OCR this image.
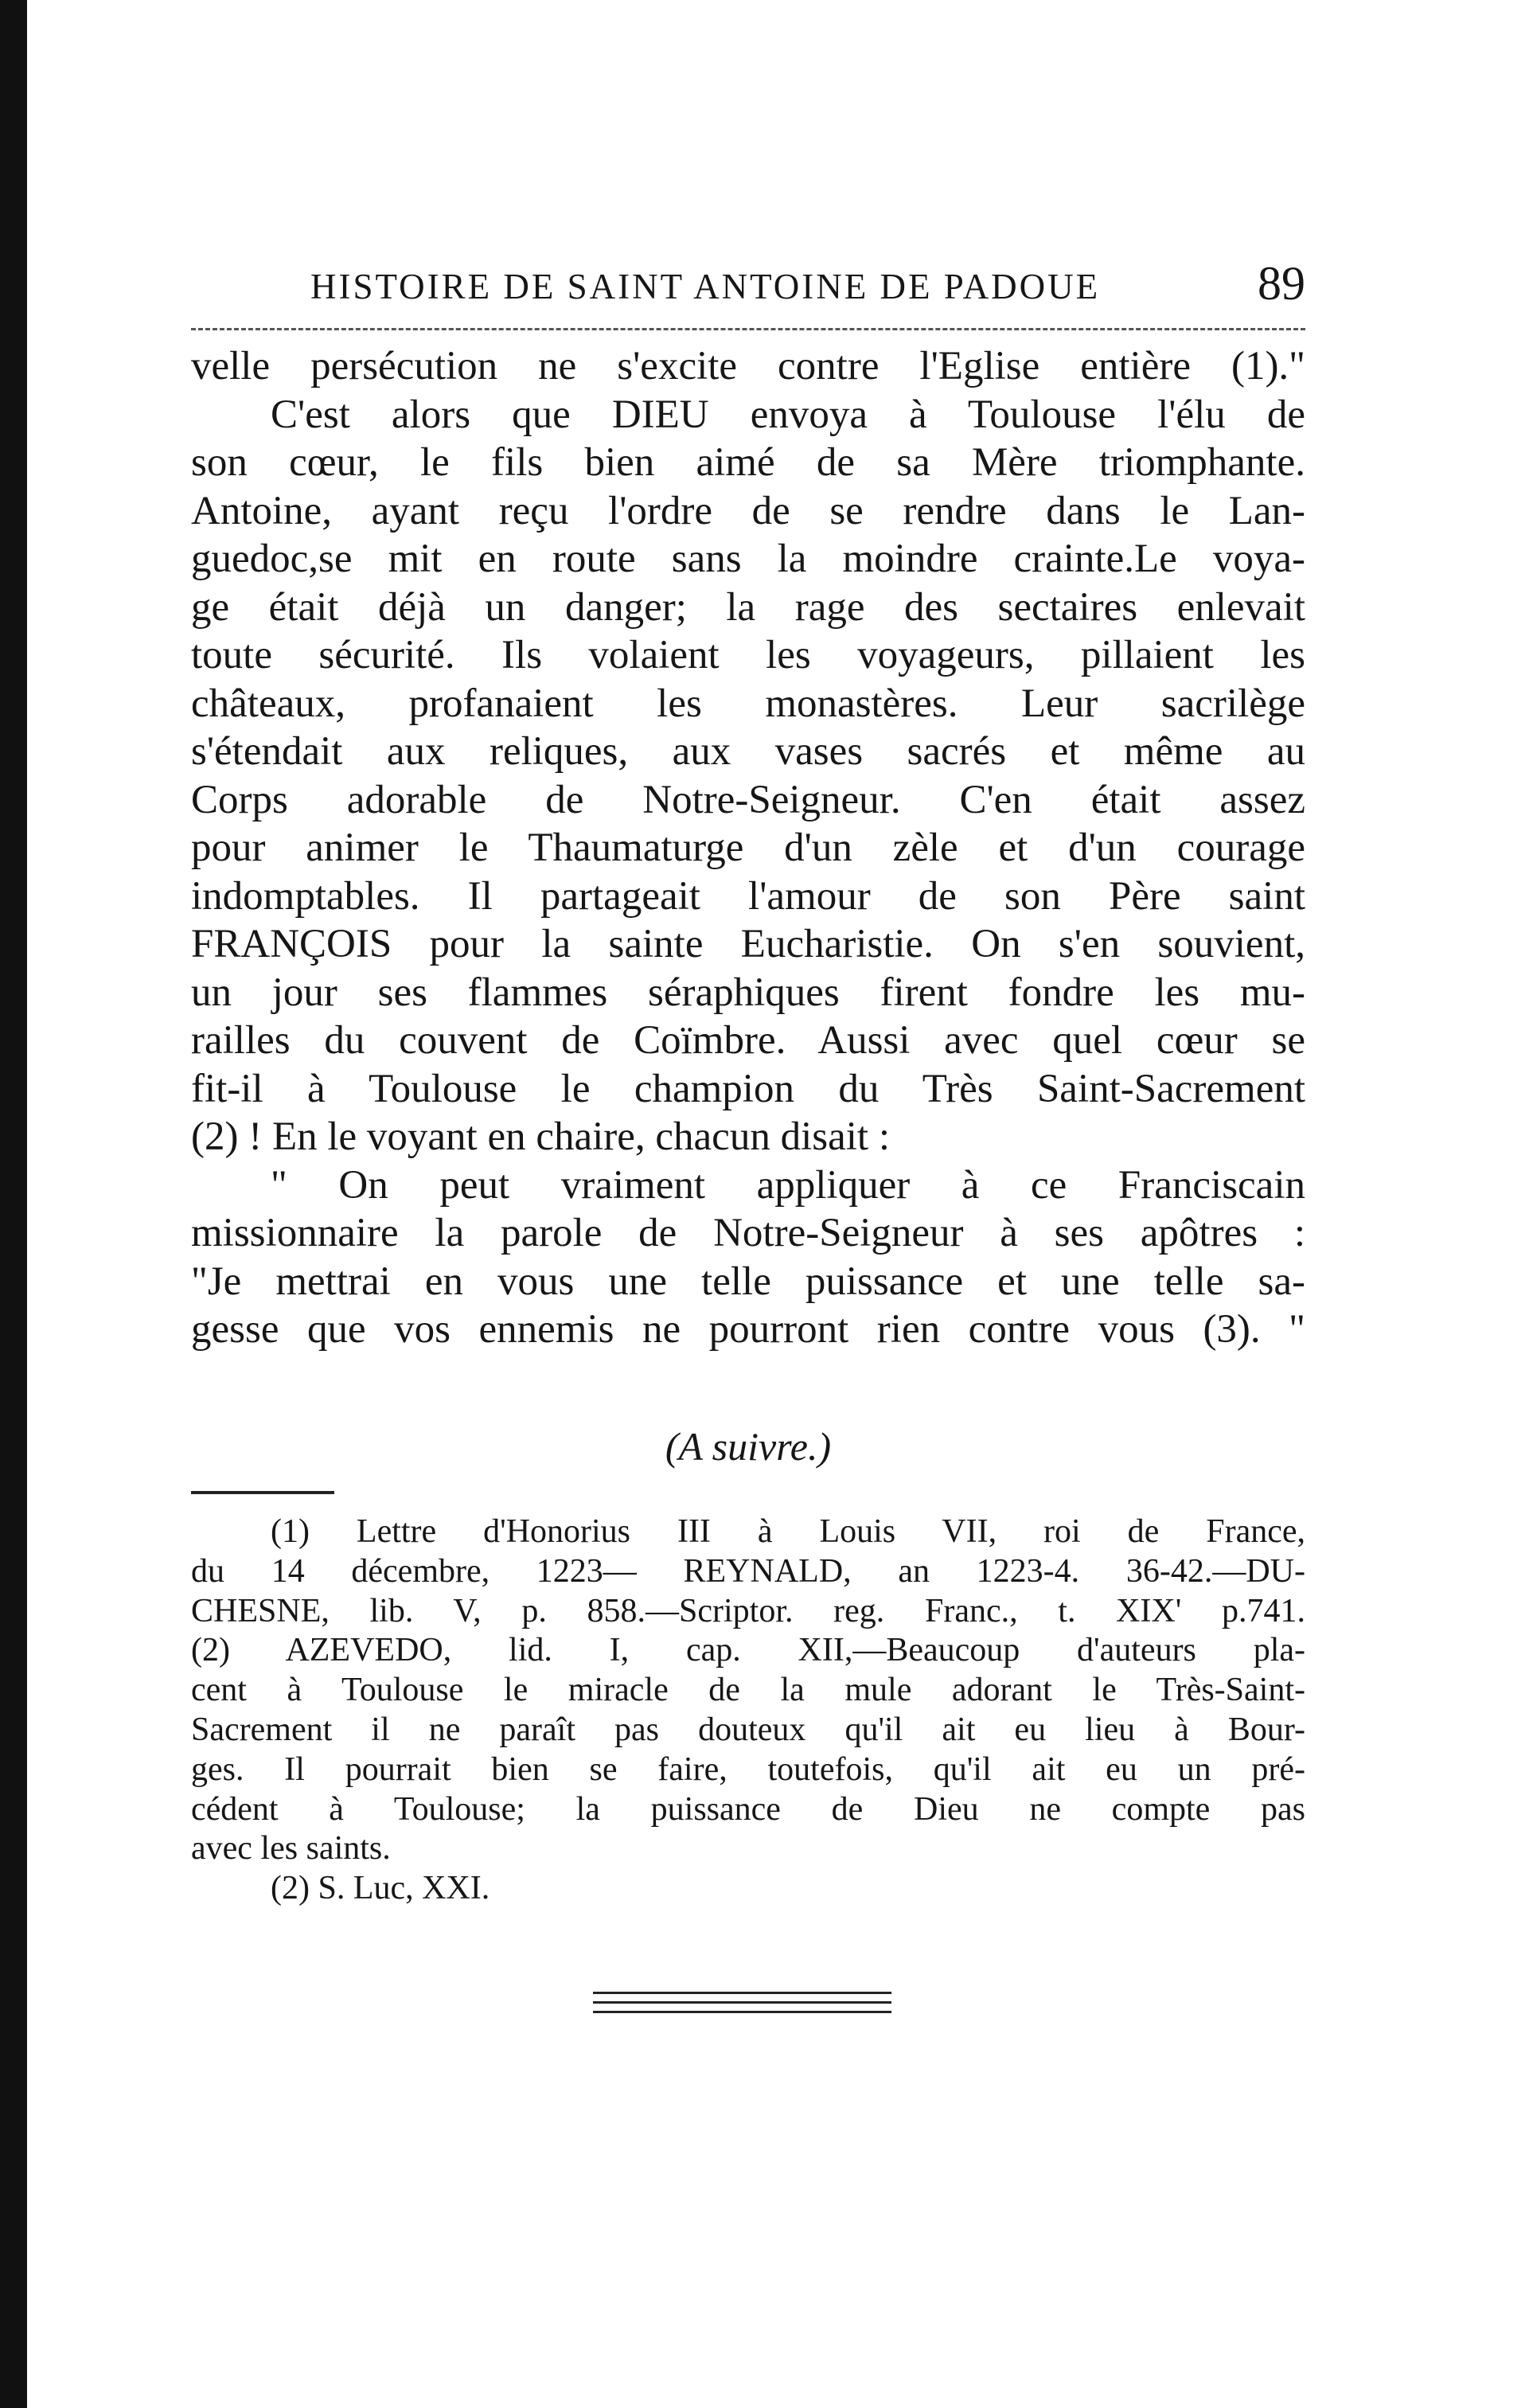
HISTOIRE DE SAINT ANTOINE DE PADOUE	89
velle persécution ne s'excite contre l'Eglise entière (1)."
C'est alors que DIEU envoya à Toulouse l'élu de
son cœur, le fils bien aimé de sa Mère triomphante.
Antoine, ayant reçu l'ordre de se rendre dans le Lan-
guedoc,se mit en route sans la moindre crainte.Le voya-
ge était déjà un danger; la rage des sectaires enlevait
toute sécurité. Ils volaient les voyageurs, pillaient les
châteaux, profanaient les monastères. Leur sacrilège
s'étendait aux reliques, aux vases sacrés et même au
Corps adorable de Notre-Seigneur. C'en était assez
pour animer le Thaumaturge d'un zèle et d'un courage
indomptables. Il partageait l'amour de son Père saint
FRANÇOIS pour la sainte Eucharistie. On s'en souvient,
un jour ses flammes séraphiques firent fondre les mu-
railles du couvent de Coïmbre. Aussi avec quel cœur se
fit-il à Toulouse le champion du Très Saint-Sacrement
(2) ! En le voyant en chaire, chacun disait :
" On peut vraiment appliquer à ce Franciscain
missionnaire la parole de Notre-Seigneur à ses apôtres :
"Je mettrai en vous une telle puissance et une telle sa-
gesse que vos ennemis ne pourront rien contre vous (3). "
(A suivre.)
(1) Lettre d'Honorius III à Louis VII, roi de France,
du 14 décembre, 1223— REYNALD, an 1223-4. 36-42.—DU-
CHESNE, lib. V, p. 858.—Scriptor. reg. Franc., t. XIX' p.741.
(2) AZEVEDO, lid. I, cap. XII,—Beaucoup d'auteurs pla-
cent à Toulouse le miracle de la mule adorant le Très-Saint-
Sacrement il ne paraît pas douteux qu'il ait eu lieu à Bour-
ges. Il pourrait bien se faire, toutefois, qu'il ait eu un pré-
cédent à Toulouse; la puissance de Dieu ne compte pas
avec les saints.
(2) S. Luc, XXI.
